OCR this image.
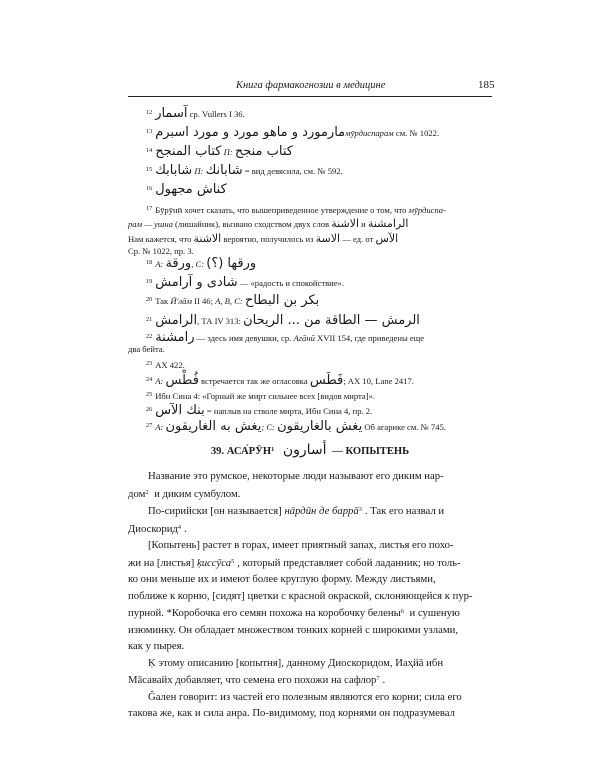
Книга фармакогнозии в медицине	185
$^{12}$ آسمار ср. Vullers I 36.
$^{13}$ مارمورد و ماهو مورد و مورد اسبرمмӯрдиспарам см. № 1022.
$^{14}$ كتاب المنجح П: كتاب منجح
$^{15}$ شابابك П: شابانك = вид девясила, см. № 592.
$^{16}$ كناش مجهول
$^{17}$ Бӯрӯнӣ хочет сказать, что вышеприведенное утверждение о том, что мӯрдиспа-
рам — ушна (лишайник), вызвано сходством двух слов الاشنة и الرامشنة
Нам кажется, что الاشنة вероятно, получилось из الاسة — ед. от الآس
Ср. № 1022, пр. 3.
$^{18}$ A: ورقة, C: ورقها (؟)
$^{19}$ شادى و آرامش — «радость и спокойствие».
$^{20}$ Так Ӣ'лāм II 46; A, B, C: بكر بن البطاح
$^{21}$ الرامش, ТА IV 313: الرمش — الطاقة من ... الريحان
$^{22}$ رامشنة — здесь имя девушки, ср. Агāнӣ XVII 154, где приведены еще
два бейта.
$^{23}$ АХ 422.
$^{24}$ A: فُطْس встречается так же огласовка فَطَس; АХ 10, Lane 2417.
$^{25}$ Ибн Сина 4: «Горный же мирт сильнее всех [видов мирта]».
$^{26}$ بنك الآس = наплыв на стволе мирта, Ибн Сина 4, пр. 2.
$^{27}$ A: يغش به الغاريقون; C: يغش بالغاريقون Об агарике см. № 745.
39. АСА́РӮН$^1$ أسارون — КОПЫТЕНЬ

Название это румское, некоторые люди называют его диким нар-
дом$^2$ и диким сумбулом.

По-сирийски [он называется] нāрдӣн де баррā$^3$ . Так его назвал и
Диоскорид$^4$ .

[Копытень] растет в горах, имеет приятный запах, листья его похо-
жи на [листья] ḳиссӯса$^5$ , который представляет собой ладанник; но толь-
ко они меньше их и имеют более круглую форму. Между листьями,
поближе к корню, [сидят] цветки с красной окраской, склоняющейся к пур-
пурной. *Коробочка его семян похожа на коробочку белены$^6$ и сушеную
изюминку. Он обладает множеством тонких корней с широкими узлами,
как у пырея.

Ḳ этому описанию [копытня], данному Диоскоридом, Иаҳйā ибн
Мāсавайх добавляет, что семена его похожи на сафлор$^7$ .

Ĝален говорит: из частей его полезным являются его корни; сила его
такова же, как и сила анра. По-видимому, под корнями он подразумевал
